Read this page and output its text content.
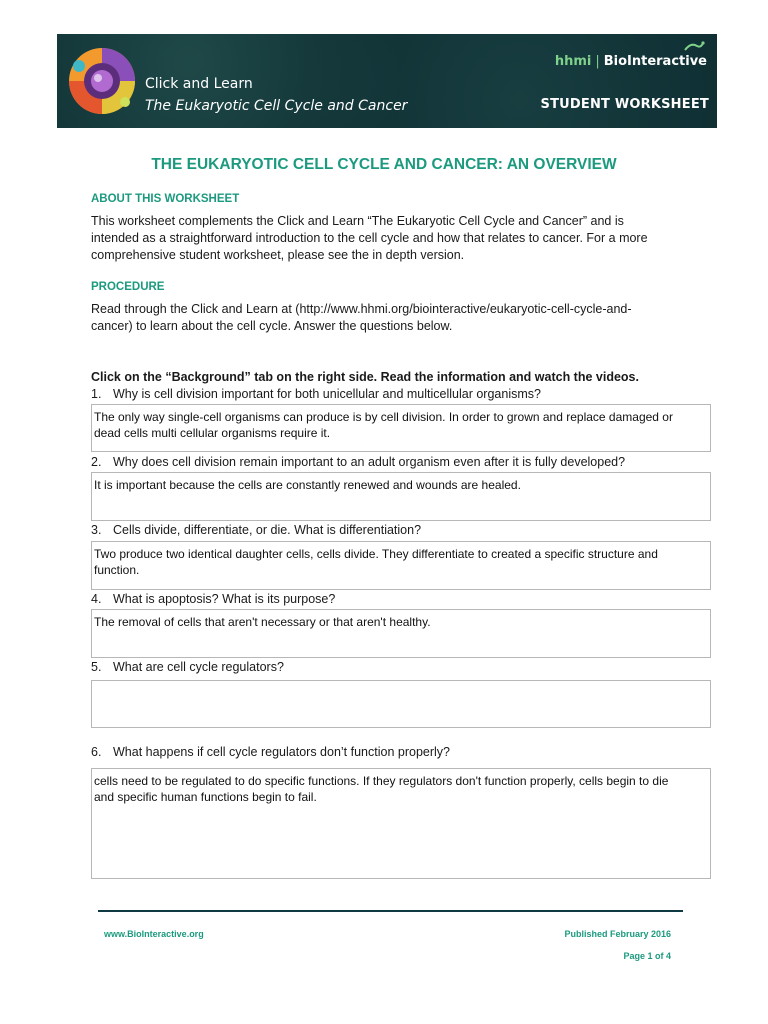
Click and Learn
The Eukaryotic Cell Cycle and Cancer
hhmi | BioInteractive
STUDENT WORKSHEET
THE EUKARYOTIC CELL CYCLE AND CANCER: AN OVERVIEW
ABOUT THIS WORKSHEET
This worksheet complements the Click and Learn “The Eukaryotic Cell Cycle and Cancer” and is
intended as a straightforward introduction to the cell cycle and how that relates to cancer. For a more
comprehensive student worksheet, please see the in depth version.
PROCEDURE
Read through the Click and Learn at (http://www.hhmi.org/biointeractive/eukaryotic-cell-cycle-and-
cancer) to learn about the cell cycle. Answer the questions below.
Click on the “Background” tab on the right side. Read the information and watch the videos.
1. Why is cell division important for both unicellular and multicellular organisms?
The only way single-cell organisms can produce is by cell division. In order to grown and replace damaged or
dead cells multi cellular organisms require it.
2. Why does cell division remain important to an adult organism even after it is fully developed?
It is important because the cells are constantly renewed and wounds are healed.
3. Cells divide, differentiate, or die. What is differentiation?
Two produce two identical daughter cells, cells divide. They differentiate to created a specific structure and
function.
4. What is apoptosis? What is its purpose?
The removal of cells that aren't necessary or that aren't healthy.
5. What are cell cycle regulators?
6. What happens if cell cycle regulators don’t function properly?
cells need to be regulated to do specific functions. If they regulators don't function properly, cells begin to die
and specific human functions begin to fail.
www.BioInteractive.org	Published February 2016
Page 1 of 4
